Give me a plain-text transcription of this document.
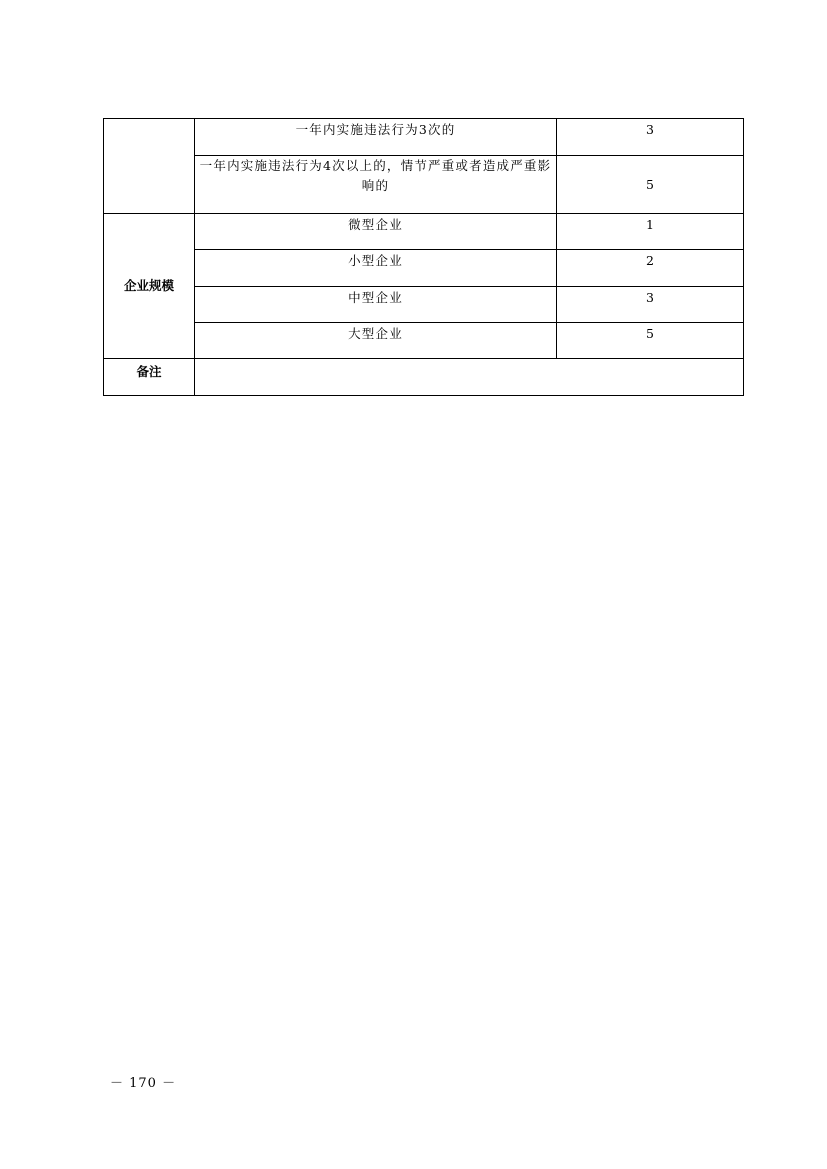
	一年内实施违法行为3次的	3

	一年内实施违法行为4次以上的，情节严重或者造成严重影响的	5

企业规模	微型企业	1

	小型企业	2

	中型企业	3

	大型企业	5

备注		
－ 170 －
